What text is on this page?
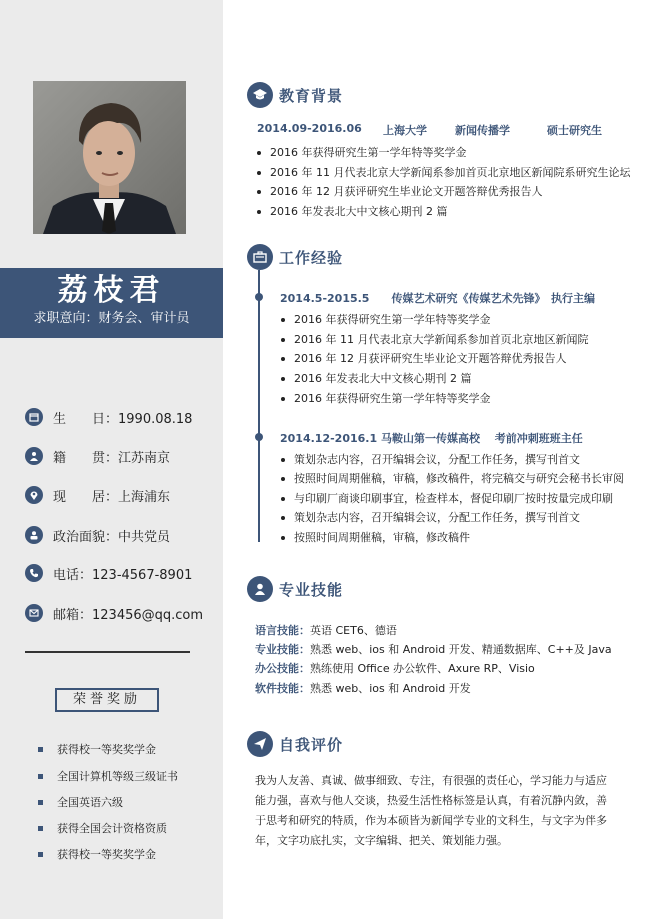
荔枝君
求职意向：财务会、审计员
生　　日：1990.08.18
籍　　贯：江苏南京
现　　居：上海浦东
政治面貌：中共党员
电话：123-4567-8901
邮箱：123456@qq.com
荣誉奖励
获得校一等奖奖学金
全国计算机等级三级证书
全国英语六级
获得全国会计资格资质
获得校一等奖奖学金
教育背景
2014.09-2016.06	上海大学	新闻传播学	硕士研究生
2016 年获得研究生第一学年特等奖学金
2016 年 11 月代表北京大学新闻系参加首页北京地区新闻院系研究生论坛
2016 年 12 月获评研究生毕业论文开题答辩优秀报告人
2016 年发表北大中文核心期刊 2 篇
工作经验
2014.5-2015.5　　传媒艺术研究《传媒艺术先锋》　执行主编
2016 年获得研究生第一学年特等奖学金
2016 年 11 月代表北京大学新闻系参加首页北京地区新闻院
2016 年 12 月获评研究生毕业论文开题答辩优秀报告人
2016 年发表北大中文核心期刊 2 篇
2016 年获得研究生第一学年特等奖学金
2014.12-2016.1 马鞍山第一传媒高校　 考前冲刺班班主任
策划杂志内容，召开编辑会议，分配工作任务，撰写刊首文
按照时间周期催稿，审稿，修改稿件，将完稿交与研究会秘书长审阅
与印刷厂商谈印刷事宜，检查样本，督促印刷厂按时按量完成印刷
策划杂志内容，召开编辑会议，分配工作任务，撰写刊首文
按照时间周期催稿，审稿，修改稿件
专业技能
语言技能：英语 CET6、德语
专业技能：熟悉 web、ios 和 Android 开发、精通数据库、C++及 Java
办公技能：熟练使用 Office 办公软件、Axure RP、Visio
软件技能：熟悉 web、ios 和 Android 开发
自我评价
我为人友善、真诚、做事细致、专注，有很强的责任心，学习能力与适应能力强，喜欢与他人交谈，热爱生活性格标签是认真，有着沉静内敛，善于思考和研究的特质，作为本硕皆为新闻学专业的文科生，与文字为伴多年，文字功底扎实，文字编辑、把关、策划能力强。
